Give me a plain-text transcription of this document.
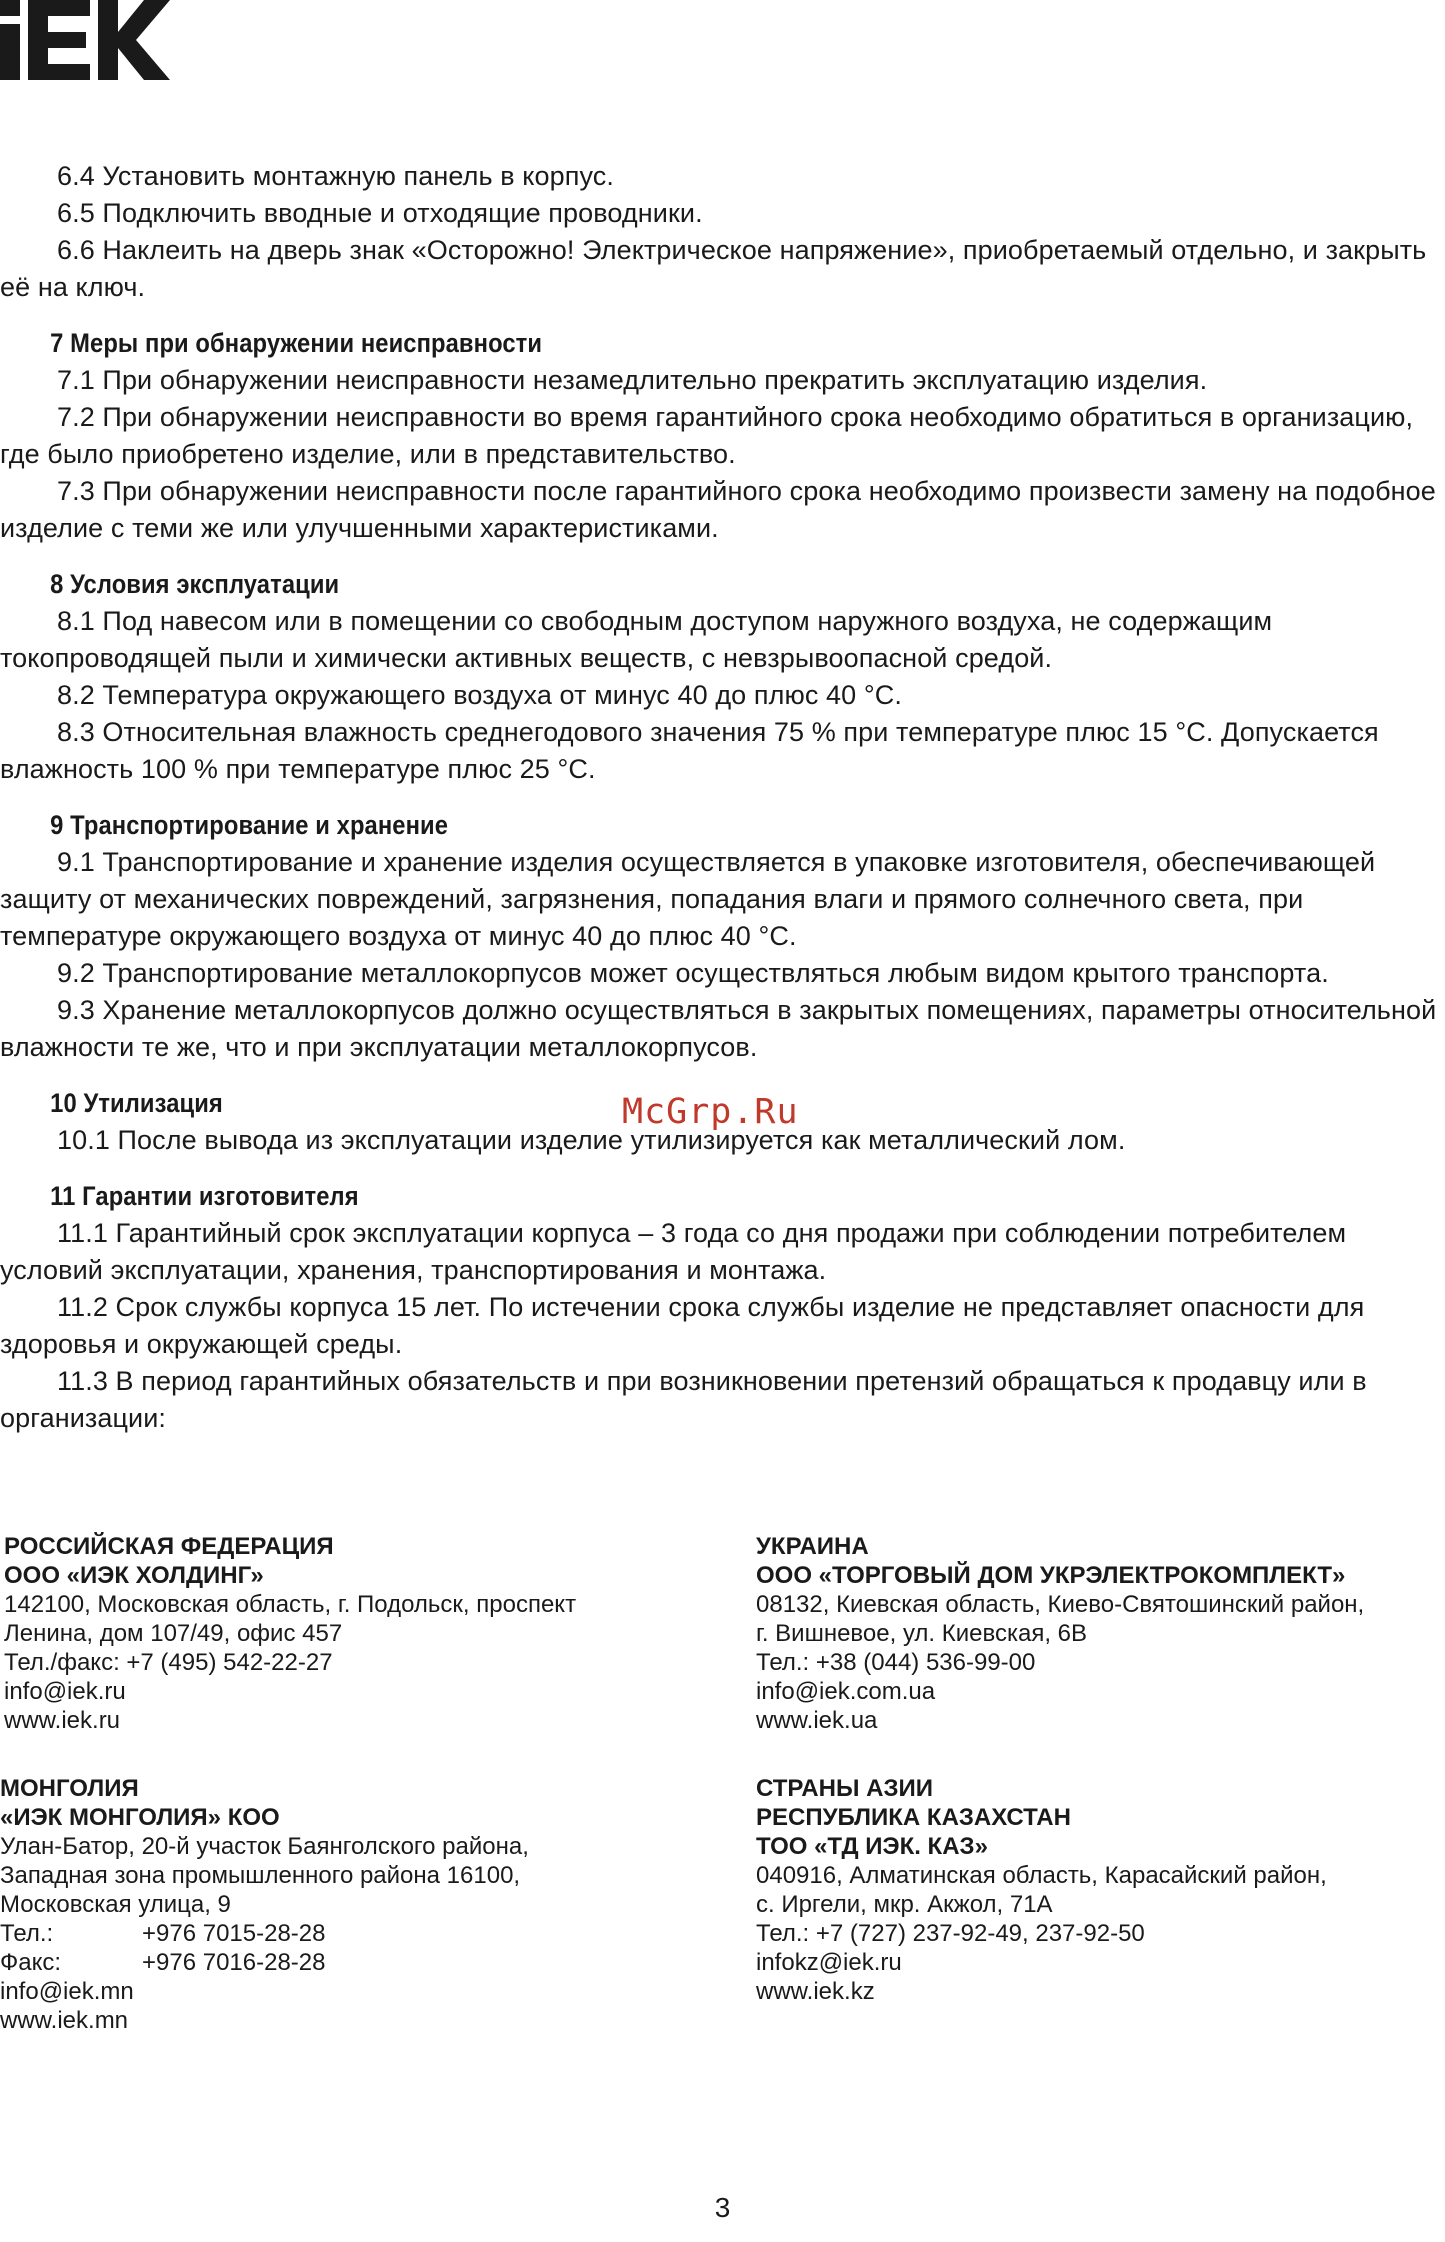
6.4 Установить монтажную панель в корпус.

6.5 Подключить вводные и отходящие проводники.

6.6 Наклеить на дверь знак «Осторожно! Электрическое напряжение», приобретаемый отдельно, и закрыть её на ключ.

7 Меры при обнаружении неисправности

7.1 При обнаружении неисправности незамедлительно прекратить эксплуатацию изделия.

7.2 При обнаружении неисправности во время гарантийного срока необходимо обратиться в организацию, где было приобретено изделие, или в представительство.

7.3 При обнаружении неисправности после гарантийного срока необходимо произвести замену на подобное изделие с теми же или улучшенными характеристиками.

8 Условия эксплуатации

8.1 Под навесом или в помещении со свободным доступом наружного воздуха, не содержащим токопроводящей пыли и химически активных веществ, с невзрывоопасной средой.

8.2 Температура окружающего воздуха от минус 40 до плюс 40 °С.

8.3 Относительная влажность среднегодового значения 75 % при температуре плюс 15 °С. Допускается влажность 100 % при температуре плюс 25 °С.

9 Транспортирование и хранение

9.1 Транспортирование и хранение изделия осуществляется в упаковке изготовителя, обеспечивающей защиту от механических повреждений, загрязнения, попадания влаги и прямого солнечного света, при температуре окружающего воздуха от минус 40 до плюс 40 °С.

9.2 Транспортирование металлокорпусов может осуществляться любым видом крытого транспорта.

9.3 Хранение металлокорпусов должно осуществляться в закрытых помещениях, параметры относительной влажности те же, что и при эксплуатации металлокорпусов.

10 Утилизация

10.1 После вывода из эксплуатации изделие утилизируется как металлический лом.

11 Гарантии изготовителя

11.1 Гарантийный срок эксплуатации корпуса – 3 года со дня продажи при соблюдении потребителем условий эксплуатации, хранения, транспортирования и монтажа.

11.2 Срок службы корпуса 15 лет. По истечении срока службы изделие не представляет опасности для здоровья и окружающей среды.

11.3 В период гарантийных обязательств и при возникновении претензий обращаться к продавцу или в организации:

РОССИЙСКАЯ ФЕДЕРАЦИЯ
ООО «ИЭК ХОЛДИНГ»
142100, Московская область, г. Подольск, проспект
Ленина, дом 107/49, офис 457
Тел./факс: +7 (495) 542-22-27
info@iek.ru
www.iek.ru
УКРАИНА
ООО «ТОРГОВЫЙ ДОМ УКРЭЛЕКТРОКОМПЛЕКТ»
08132, Киевская область, Киево-Святошинский район,
г. Вишневое, ул. Киевская, 6В
Тел.: +38 (044) 536-99-00
info@iek.com.ua
www.iek.ua
МОНГОЛИЯ
«ИЭК МОНГОЛИЯ» КОО
Улан-Батор, 20-й участок Баянголского района,
Западная зона промышленного района 16100,
Московская улица, 9
Тел.:	+976 7015-28-28
Факс:	+976 7016-28-28
info@iek.mn
www.iek.mn
СТРАНЫ АЗИИ
РЕСПУБЛИКА КАЗАХСТАН
ТОО «ТД ИЭК. КАЗ»
040916, Алматинская область, Карасайский район,
с. Иргели, мкр. Акжол, 71А
Тел.: +7 (727) 237-92-49, 237-92-50
infokz@iek.ru
www.iek.kz
McGrp.Ru
3
